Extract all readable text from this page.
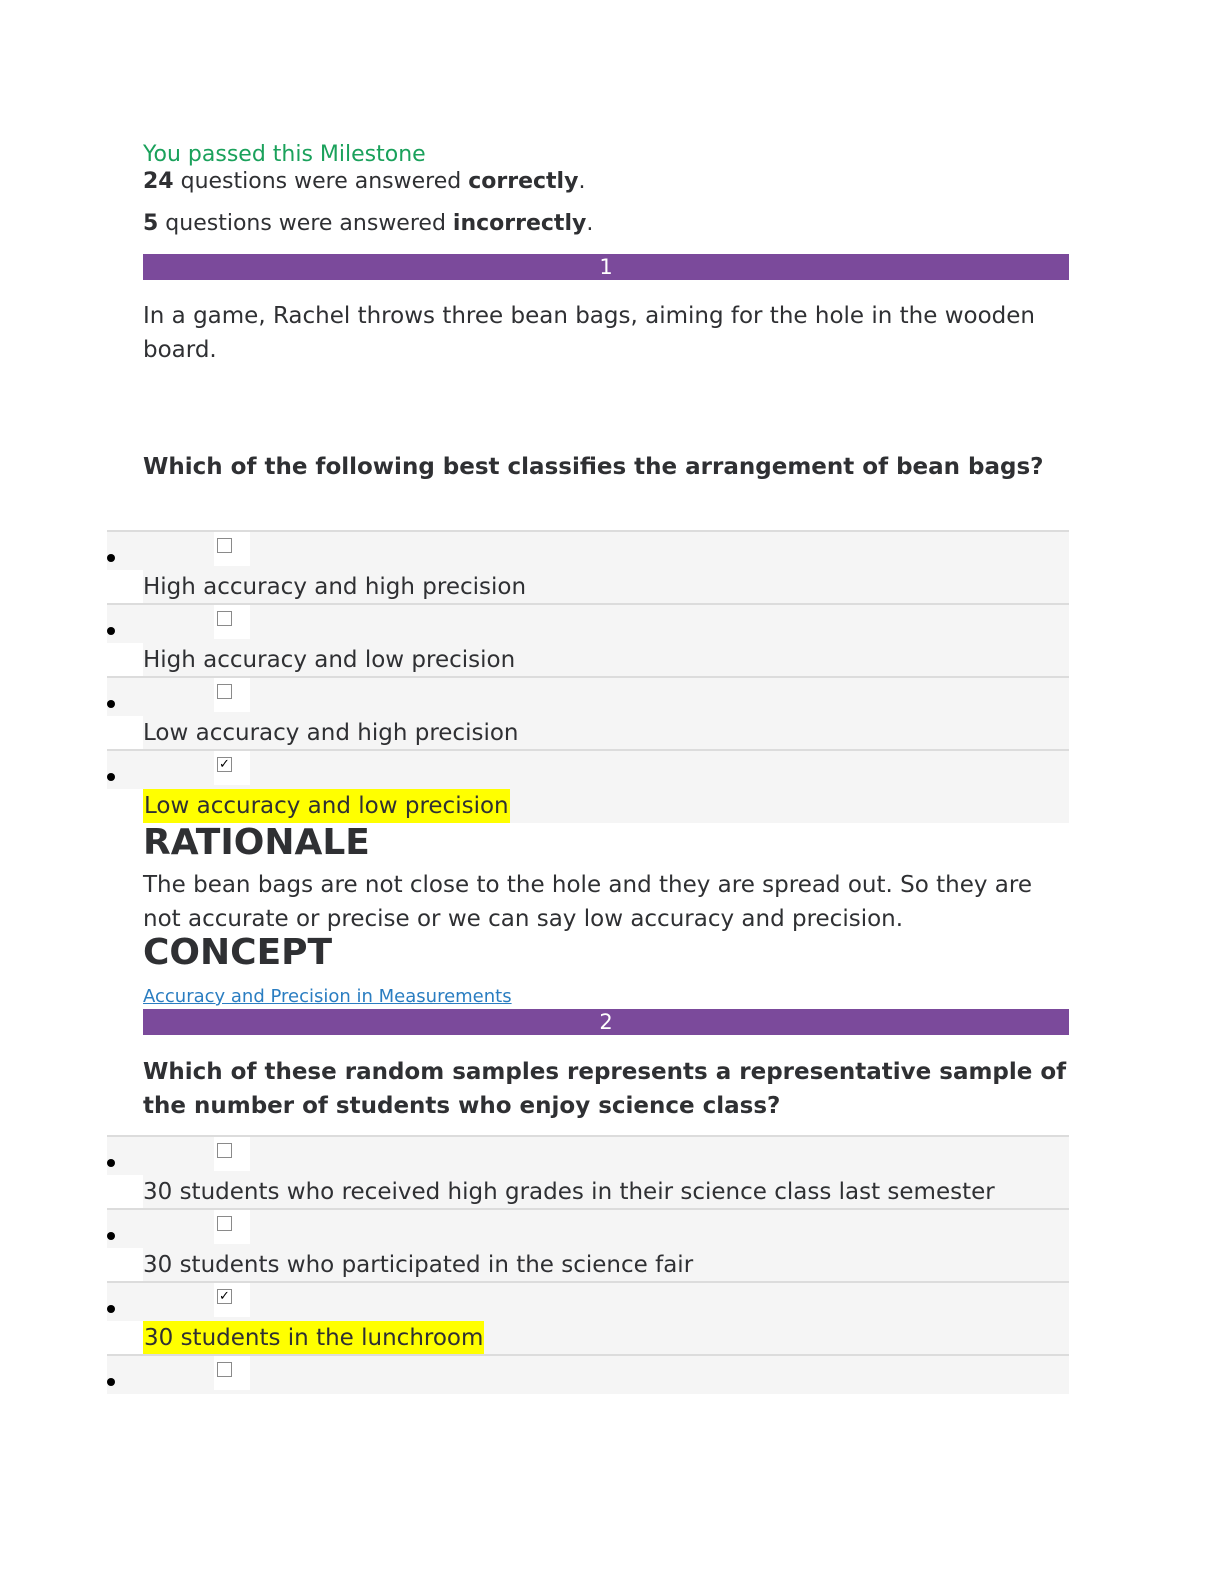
You passed this Milestone
24 questions were answered correctly.
5 questions were answered incorrectly.
1
In a game, Rachel throws three bean bags, aiming for the hole in the wooden board.
Which of the following best classifies the arrangement of bean bags?
High accuracy and high precision
High accuracy and low precision
Low accuracy and high precision
✓
Low accuracy and low precision
RATIONALE
The bean bags are not close to the hole and they are spread out. So they are not accurate or precise or we can say low accuracy and precision.
CONCEPT
Accuracy and Precision in Measurements
2
Which of these random samples represents a representative sample of the number of students who enjoy science class?
30 students who received high grades in their science class last semester
30 students who participated in the science fair
✓
30 students in the lunchroom
